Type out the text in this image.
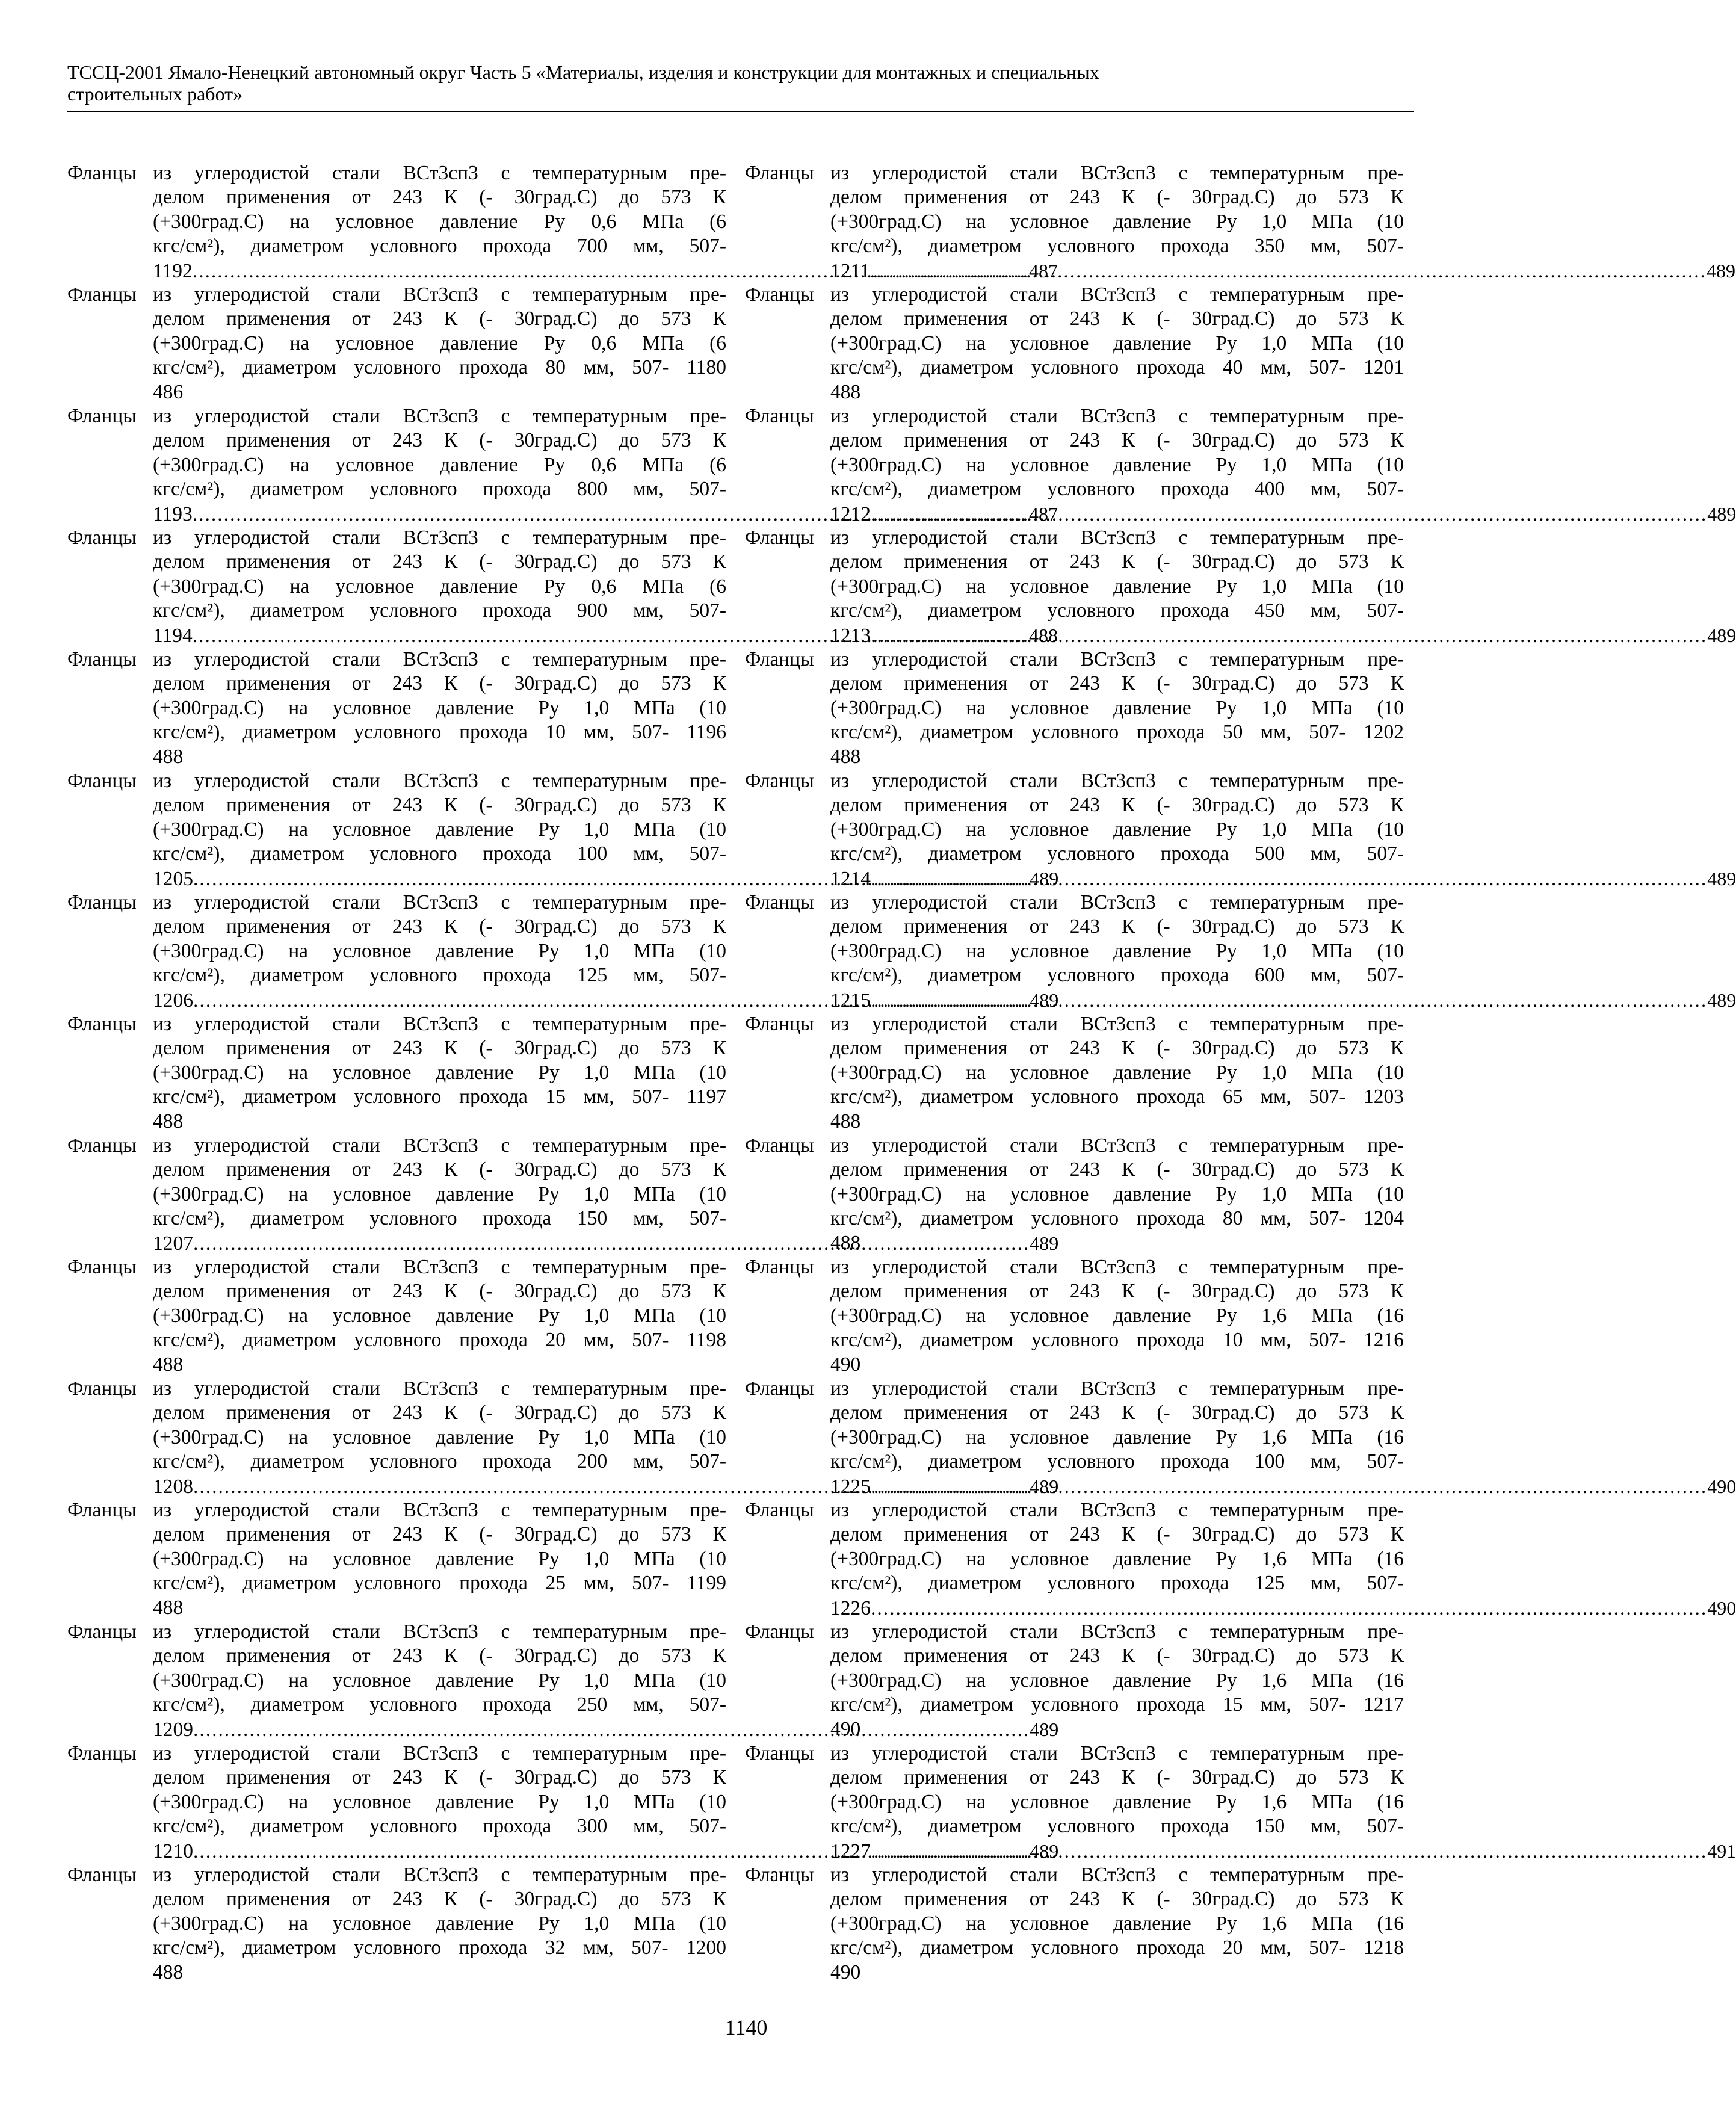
ТССЦ-2001 Ямало-Ненецкий автономный округ Часть 5 «Материалы, изделия и конструкции для монтажных и специальных
строительных работ»
Фланцы из углеродистой стали ВСт3сп3 с температурным пре-
делом применения от 243 К (- 30град.С) до 573 К
(+300град.С) на условное давление Ру 0,6 МПа (6
кгс/см²), диаметром условного прохода 700 мм, 507-
1192 .....	487
Фланцы из углеродистой стали ВСт3сп3 с температурным пре-
делом применения от 243 К (- 30град.С) до 573 К
(+300град.С) на условное давление Ру 0,6 МПа (6
кгс/см²), диаметром условного прохода 80 мм, 507- 1180
486
Фланцы из углеродистой стали ВСт3сп3 с температурным пре-
делом применения от 243 К (- 30град.С) до 573 К
(+300град.С) на условное давление Ру 0,6 МПа (6
кгс/см²), диаметром условного прохода 800 мм, 507-
1193 .....	487
Фланцы из углеродистой стали ВСт3сп3 с температурным пре-
делом применения от 243 К (- 30град.С) до 573 К
(+300град.С) на условное давление Ру 0,6 МПа (6
кгс/см²), диаметром условного прохода 900 мм, 507-
1194 .....	488
Фланцы из углеродистой стали ВСт3сп3 с температурным пре-
делом применения от 243 К (- 30град.С) до 573 К
(+300град.С) на условное давление Ру 1,0 МПа (10
кгс/см²), диаметром условного прохода 10 мм, 507- 1196
488
Фланцы из углеродистой стали ВСт3сп3 с температурным пре-
делом применения от 243 К (- 30град.С) до 573 К
(+300град.С) на условное давление Ру 1,0 МПа (10
кгс/см²), диаметром условного прохода 100 мм, 507-
1205 .....	489
Фланцы из углеродистой стали ВСт3сп3 с температурным пре-
делом применения от 243 К (- 30град.С) до 573 К
(+300град.С) на условное давление Ру 1,0 МПа (10
кгс/см²), диаметром условного прохода 125 мм, 507-
1206 .....	489
Фланцы из углеродистой стали ВСт3сп3 с температурным пре-
делом применения от 243 К (- 30град.С) до 573 К
(+300град.С) на условное давление Ру 1,0 МПа (10
кгс/см²), диаметром условного прохода 15 мм, 507- 1197
488
Фланцы из углеродистой стали ВСт3сп3 с температурным пре-
делом применения от 243 К (- 30град.С) до 573 К
(+300град.С) на условное давление Ру 1,0 МПа (10
кгс/см²), диаметром условного прохода 150 мм, 507-
1207 .....	489
Фланцы из углеродистой стали ВСт3сп3 с температурным пре-
делом применения от 243 К (- 30град.С) до 573 К
(+300град.С) на условное давление Ру 1,0 МПа (10
кгс/см²), диаметром условного прохода 20 мм, 507- 1198
488
Фланцы из углеродистой стали ВСт3сп3 с температурным пре-
делом применения от 243 К (- 30град.С) до 573 К
(+300град.С) на условное давление Ру 1,0 МПа (10
кгс/см²), диаметром условного прохода 200 мм, 507-
1208 .....	489
Фланцы из углеродистой стали ВСт3сп3 с температурным пре-
делом применения от 243 К (- 30град.С) до 573 К
(+300град.С) на условное давление Ру 1,0 МПа (10
кгс/см²), диаметром условного прохода 25 мм, 507- 1199
488
Фланцы из углеродистой стали ВСт3сп3 с температурным пре-
делом применения от 243 К (- 30град.С) до 573 К
(+300град.С) на условное давление Ру 1,0 МПа (10
кгс/см²), диаметром условного прохода 250 мм, 507-
1209 .....	489
Фланцы из углеродистой стали ВСт3сп3 с температурным пре-
делом применения от 243 К (- 30град.С) до 573 К
(+300град.С) на условное давление Ру 1,0 МПа (10
кгс/см²), диаметром условного прохода 300 мм, 507-
1210 .....	489
Фланцы из углеродистой стали ВСт3сп3 с температурным пре-
делом применения от 243 К (- 30град.С) до 573 К
(+300град.С) на условное давление Ру 1,0 МПа (10
кгс/см²), диаметром условного прохода 32 мм, 507- 1200
488
Фланцы из углеродистой стали ВСт3сп3 с температурным пре-
делом применения от 243 К (- 30град.С) до 573 К
(+300град.С) на условное давление Ру 1,0 МПа (10
кгс/см²), диаметром условного прохода 350 мм, 507-
1211 .....	489
Фланцы из углеродистой стали ВСт3сп3 с температурным пре-
делом применения от 243 К (- 30град.С) до 573 К
(+300град.С) на условное давление Ру 1,0 МПа (10
кгс/см²), диаметром условного прохода 40 мм, 507- 1201
488
Фланцы из углеродистой стали ВСт3сп3 с температурным пре-
делом применения от 243 К (- 30град.С) до 573 К
(+300град.С) на условное давление Ру 1,0 МПа (10
кгс/см²), диаметром условного прохода 400 мм, 507-
1212 .....	489
Фланцы из углеродистой стали ВСт3сп3 с температурным пре-
делом применения от 243 К (- 30град.С) до 573 К
(+300град.С) на условное давление Ру 1,0 МПа (10
кгс/см²), диаметром условного прохода 450 мм, 507-
1213 .....	489
Фланцы из углеродистой стали ВСт3сп3 с температурным пре-
делом применения от 243 К (- 30град.С) до 573 К
(+300град.С) на условное давление Ру 1,0 МПа (10
кгс/см²), диаметром условного прохода 50 мм, 507- 1202
488
Фланцы из углеродистой стали ВСт3сп3 с температурным пре-
делом применения от 243 К (- 30град.С) до 573 К
(+300град.С) на условное давление Ру 1,0 МПа (10
кгс/см²), диаметром условного прохода 500 мм, 507-
1214 .....	489
Фланцы из углеродистой стали ВСт3сп3 с температурным пре-
делом применения от 243 К (- 30град.С) до 573 К
(+300град.С) на условное давление Ру 1,0 МПа (10
кгс/см²), диаметром условного прохода 600 мм, 507-
1215 .....	489
Фланцы из углеродистой стали ВСт3сп3 с температурным пре-
делом применения от 243 К (- 30град.С) до 573 К
(+300град.С) на условное давление Ру 1,0 МПа (10
кгс/см²), диаметром условного прохода 65 мм, 507- 1203
488
Фланцы из углеродистой стали ВСт3сп3 с температурным пре-
делом применения от 243 К (- 30град.С) до 573 К
(+300град.С) на условное давление Ру 1,0 МПа (10
кгс/см²), диаметром условного прохода 80 мм, 507- 1204
488
Фланцы из углеродистой стали ВСт3сп3 с температурным пре-
делом применения от 243 К (- 30град.С) до 573 К
(+300град.С) на условное давление Ру 1,6 МПа (16
кгс/см²), диаметром условного прохода 10 мм, 507- 1216
490
Фланцы из углеродистой стали ВСт3сп3 с температурным пре-
делом применения от 243 К (- 30град.С) до 573 К
(+300град.С) на условное давление Ру 1,6 МПа (16
кгс/см²), диаметром условного прохода 100 мм, 507-
1225 .....	490
Фланцы из углеродистой стали ВСт3сп3 с температурным пре-
делом применения от 243 К (- 30град.С) до 573 К
(+300град.С) на условное давление Ру 1,6 МПа (16
кгс/см²), диаметром условного прохода 125 мм, 507-
1226 .....	490
Фланцы из углеродистой стали ВСт3сп3 с температурным пре-
делом применения от 243 К (- 30град.С) до 573 К
(+300град.С) на условное давление Ру 1,6 МПа (16
кгс/см²), диаметром условного прохода 15 мм, 507- 1217
490
Фланцы из углеродистой стали ВСт3сп3 с температурным пре-
делом применения от 243 К (- 30град.С) до 573 К
(+300град.С) на условное давление Ру 1,6 МПа (16
кгс/см²), диаметром условного прохода 150 мм, 507-
1227 .....	491
Фланцы из углеродистой стали ВСт3сп3 с температурным пре-
делом применения от 243 К (- 30град.С) до 573 К
(+300град.С) на условное давление Ру 1,6 МПа (16
кгс/см²), диаметром условного прохода 20 мм, 507- 1218
490
1140
